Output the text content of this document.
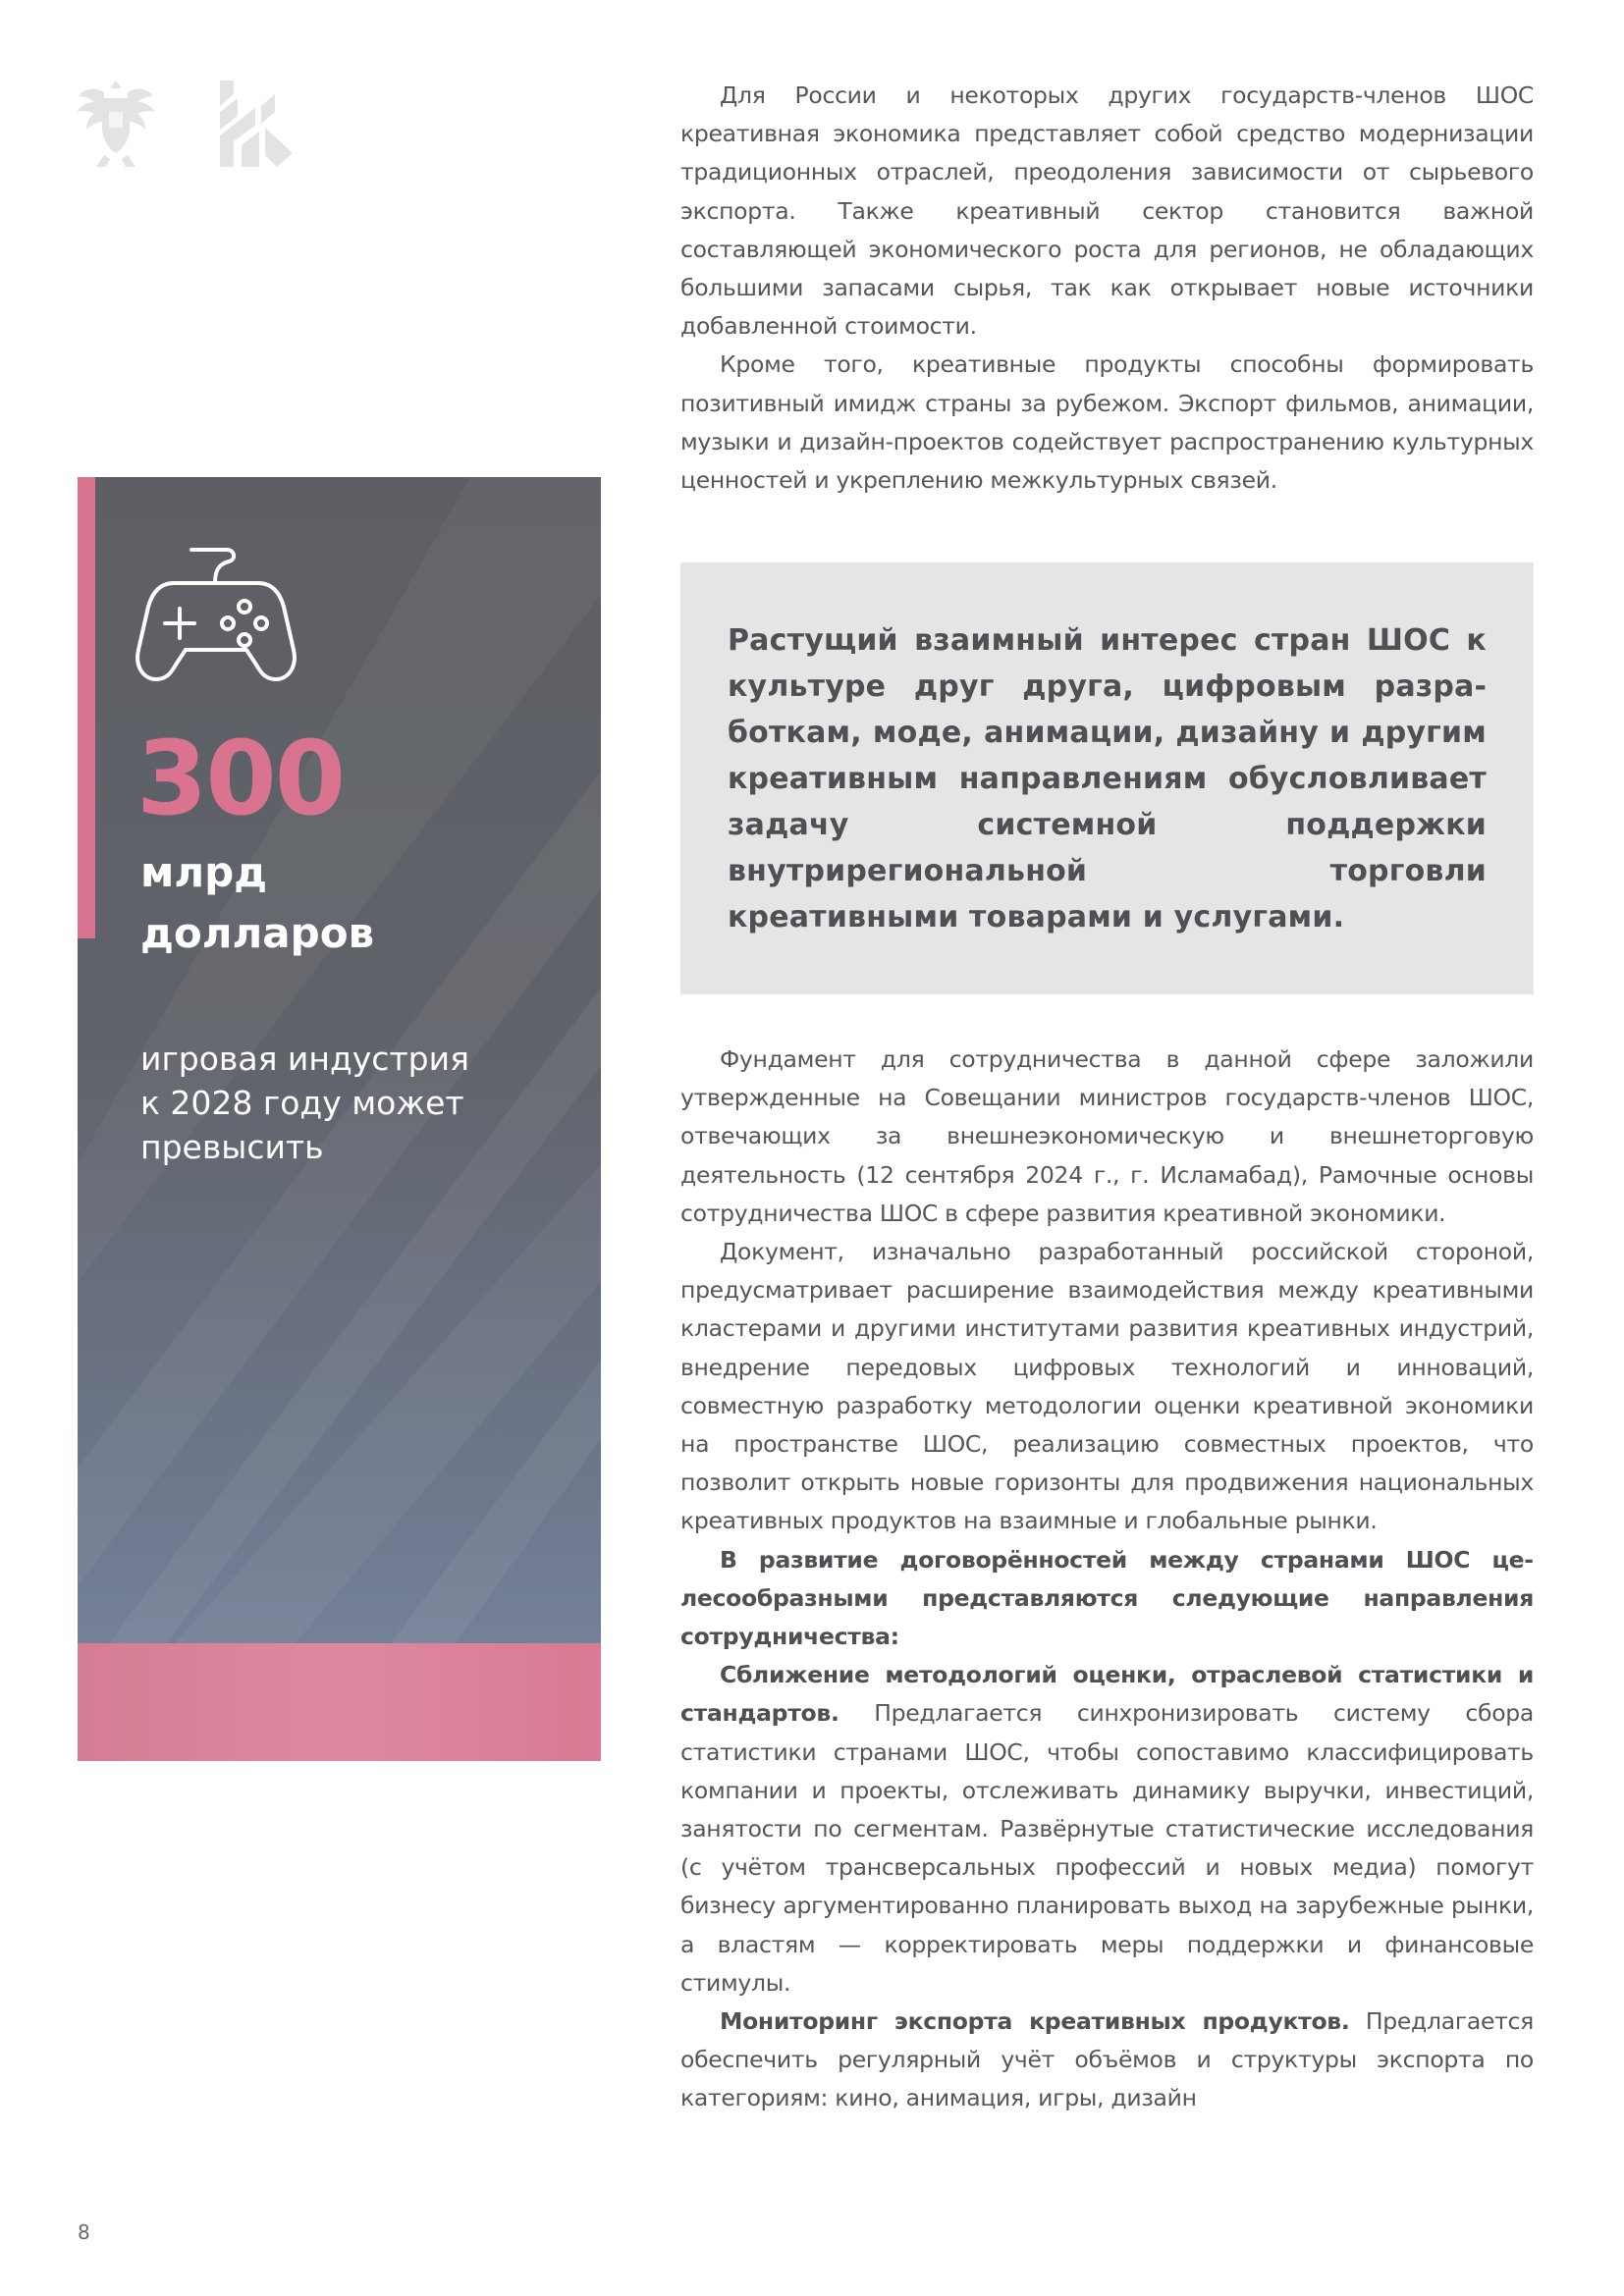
Для России и некоторых других государств-членов ШОС креативная экономика представляет собой средство модернизации традиционных отраслей, преодоления зависимости от сырьевого экспорта. Также креативный сектор становится важной составляющей экономического роста для регионов, не обладающих большими запасами сырья, так как открывает новые источники добавленной стоимости.

Кроме того, креативные продукты способны формировать позитивный имидж страны за рубежом. Экспорт фильмов, анимации, музыки и дизайн-проектов содействует распространению культурных ценностей и укреплению межкультурных связей.

Растущий взаимный интерес стран ШОС к культуре друг друга, цифровым разработкам, моде, анимации, дизайну и другим креативным направлениям обусловливает задачу системной поддержки внутрирегиональной торговли креативными товарами и услугами.

300
млрд
долларов
игровая индустрия
к 2028 году может
превысить

Фундамент для сотрудничества в данной сфере заложили утвержденные на Совещании министров государств-членов ШОС, отвечающих за внешнеэкономическую и внешнеторговую деятельность (12 сентября 2024 г., г. Исламабад), Рамочные основы сотрудничества ШОС в сфере развития креативной экономики.

Документ, изначально разработанный российской стороной, предусматривает расширение взаимодействия между креативными кластерами и другими институтами развития креативных индустрий, внедрение передовых цифровых технологий и инноваций, совместную разработку методологии оценки креативной экономики на пространстве ШОС, реализацию совместных проектов, что позволит открыть новые горизонты для продвижения национальных креативных продуктов на взаимные и глобальные рынки.

В развитие договорённостей между странами ШОС целесообразными представляются следующие направления сотрудничества:

Сближение методологий оценки, отраслевой статистики и стандартов. Предлагается синхронизировать систему сбора статистики странами ШОС, чтобы сопоставимо классифицировать компании и проекты, отслеживать динамику выручки, инвестиций, занятости по сегментам. Развёрнутые статистические исследования (с учётом трансверсальных профессий и новых медиа) помогут бизнесу аргументированно планировать выход на зарубежные рынки, а властям — корректировать меры поддержки и финансовые стимулы.

Мониторинг экспорта креативных продуктов. Предлагается обеспечить регулярный учёт объёмов и структуры экспорта по категориям: кино, анимация, игры, дизайн

8
